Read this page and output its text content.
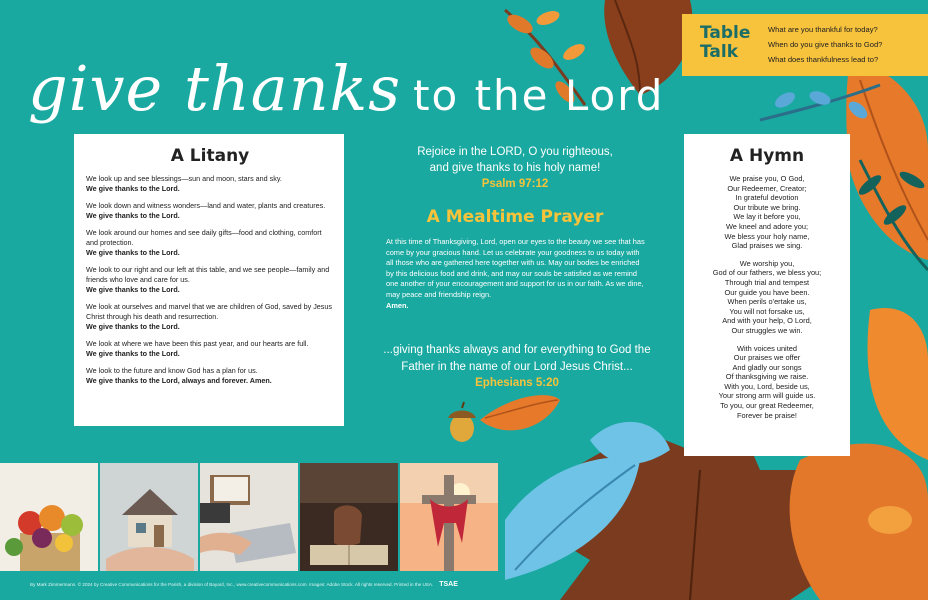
give thanks to the Lord
Table
Talk
What are you thankful for today?
When do you give thanks to God?
What does thankfulness lead to?
A Litany
We look up and see blessings—sun and moon, stars and sky.
We give thanks to the Lord.
We look down and witness wonders—land and water, plants and creatures.
We give thanks to the Lord.
We look around our homes and see daily gifts—food and clothing, comfort and protection.
We give thanks to the Lord.
We look to our right and our left at this table, and we see people—family and friends who love and care for us.
We give thanks to the Lord.
We look at ourselves and marvel that we are children of God, saved by Jesus Christ through his death and resurrection.
We give thanks to the Lord.
We look at where we have been this past year, and our hearts are full.
We give thanks to the Lord.
We look to the future and know God has a plan for us.
We give thanks to the Lord, always and forever. Amen.
Rejoice in the LORD, O you righteous,
and give thanks to his holy name!
Psalm 97:12
A Mealtime Prayer
At this time of Thanksgiving, Lord, open our eyes to the beauty we see that has come by your gracious hand. Let us celebrate your goodness to us today with all those who are gathered here together with us. May our bodies be enriched by this delicious food and drink, and may our souls be satisfied as we remind one another of your encouragement and support for us in our faith. As we dine, may peace and friendship reign.
Amen.
...giving thanks always and for everything to God the Father in the name of our Lord Jesus Christ... Ephesians 5:20
A Hymn
We praise you, O God,
Our Redeemer, Creator;
In grateful devotion
Our tribute we bring.
We lay it before you,
We kneel and adore you;
We bless your holy name,
Glad praises we sing.
We worship you,
God of our fathers, we bless you;
Through trial and tempest
Our guide you have been.
When perils o'ertake us,
You will not forsake us,
And with your help, O Lord,
Our struggles we win.
With voices united
Our praises we offer
And gladly our songs
Of thanksgiving we raise.
With you, Lord, beside us,
Your strong arm will guide us.
To you, our great Redeemer,
Forever be praise!
By Mark Zimmermann. © 2024 by Creative Communications for the Parish, a division of Bayard, Inc., www.creativecommunications.com. Images: Adobe Stock. All rights reserved. Printed in the USA. TSAE
